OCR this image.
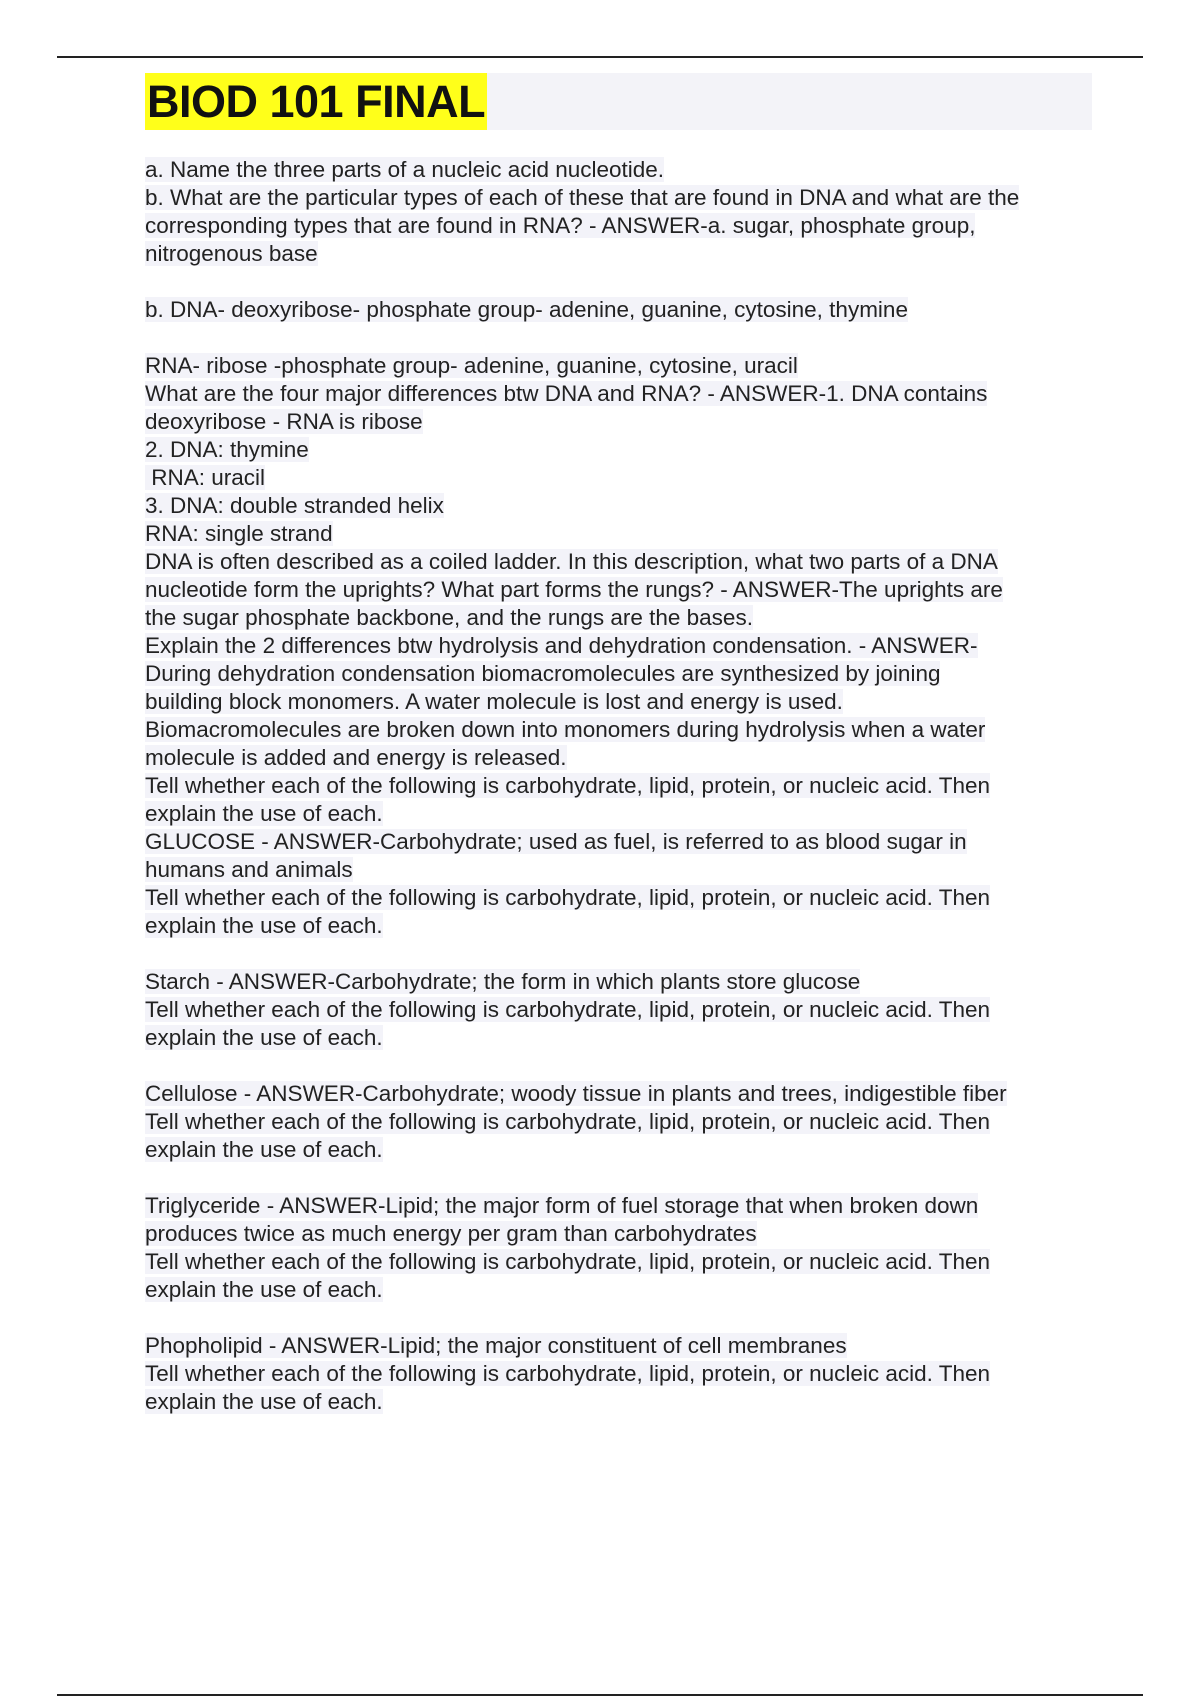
BIOD 101 FINAL
a. Name the three parts of a nucleic acid nucleotide.
b. What are the particular types of each of these that are found in DNA and what are the
corresponding types that are found in RNA? - ANSWER-a. sugar, phosphate group,
nitrogenous base
b. DNA- deoxyribose- phosphate group- adenine, guanine, cytosine, thymine
RNA- ribose -phosphate group- adenine, guanine, cytosine, uracil
What are the four major differences btw DNA and RNA? - ANSWER-1. DNA contains
deoxyribose - RNA is ribose
2. DNA: thymine
RNA: uracil
3. DNA: double stranded helix
RNA: single strand
DNA is often described as a coiled ladder. In this description, what two parts of a DNA
nucleotide form the uprights? What part forms the rungs? - ANSWER-The uprights are
the sugar phosphate backbone, and the rungs are the bases.
Explain the 2 differences btw hydrolysis and dehydration condensation. - ANSWER-
During dehydration condensation biomacromolecules are synthesized by joining
building block monomers. A water molecule is lost and energy is used.
Biomacromolecules are broken down into monomers during hydrolysis when a water
molecule is added and energy is released.
Tell whether each of the following is carbohydrate, lipid, protein, or nucleic acid. Then
explain the use of each.
GLUCOSE - ANSWER-Carbohydrate; used as fuel, is referred to as blood sugar in
humans and animals
Tell whether each of the following is carbohydrate, lipid, protein, or nucleic acid. Then
explain the use of each.
Starch - ANSWER-Carbohydrate; the form in which plants store glucose
Tell whether each of the following is carbohydrate, lipid, protein, or nucleic acid. Then
explain the use of each.
Cellulose - ANSWER-Carbohydrate; woody tissue in plants and trees, indigestible fiber
Tell whether each of the following is carbohydrate, lipid, protein, or nucleic acid. Then
explain the use of each.
Triglyceride - ANSWER-Lipid; the major form of fuel storage that when broken down
produces twice as much energy per gram than carbohydrates
Tell whether each of the following is carbohydrate, lipid, protein, or nucleic acid. Then
explain the use of each.
Phopholipid - ANSWER-Lipid; the major constituent of cell membranes
Tell whether each of the following is carbohydrate, lipid, protein, or nucleic acid. Then
explain the use of each.
